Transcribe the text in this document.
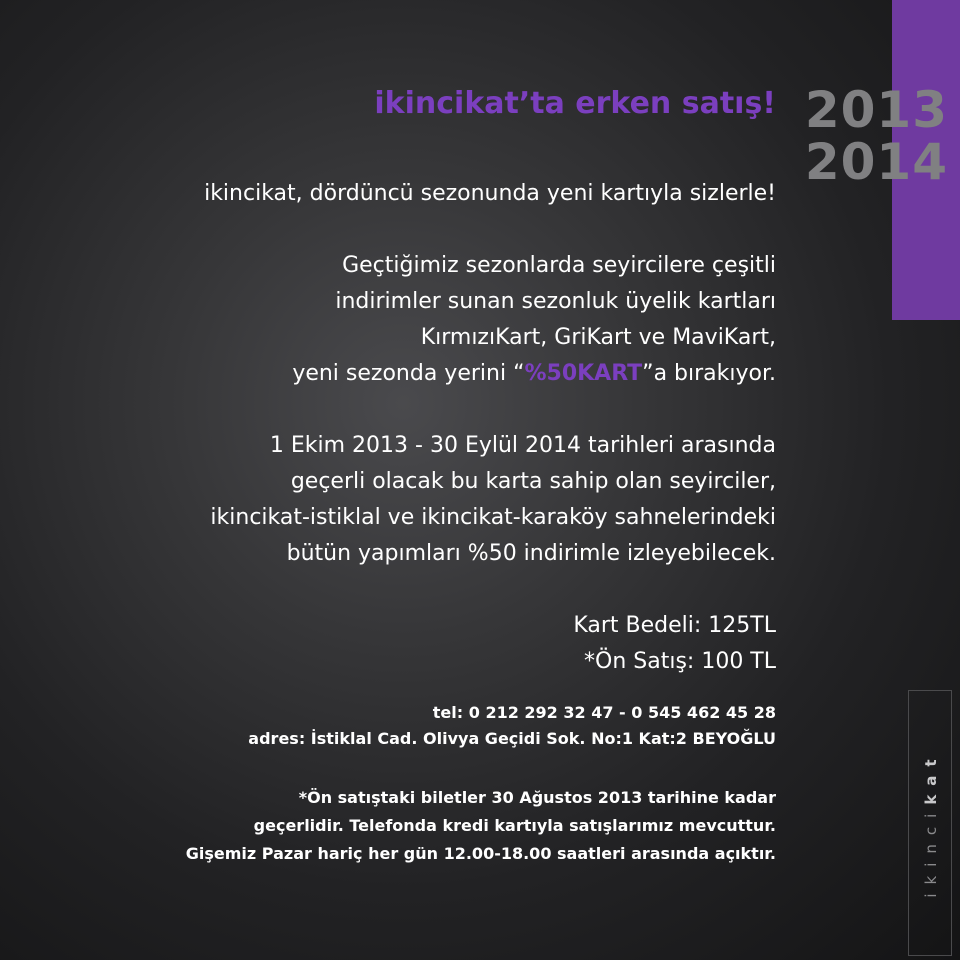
2013
2014
ikincikat’ta erken satış!
ikincikat, dördüncü sezonunda yeni kartıyla sizlerle!
Geçtiğimiz sezonlarda seyircilere çeşitli
indirimler sunan sezonluk üyelik kartları
KırmızıKart, GriKart ve MaviKart,
yeni sezonda yerini “%50KART”a bırakıyor.
1 Ekim 2013 - 30 Eylül 2014 tarihleri arasında
geçerli olacak bu karta sahip olan seyirciler,
ikincikat-istiklal ve ikincikat-karaköy sahnelerindeki
bütün yapımları %50 indirimle izleyebilecek.
Kart Bedeli: 125TL
*Ön Satış: 100 TL
tel: 0 212 292 32 47 - 0 545 462 45 28
adres: İstiklal Cad. Olivya Geçidi Sok. No:1 Kat:2 BEYOĞLU
*Ön satıştaki biletler 30 Ağustos 2013 tarihine kadar
geçerlidir. Telefonda kredi kartıyla satışlarımız mevcuttur.
Gişemiz Pazar hariç her gün 12.00-18.00 saatleri arasında açıktır.	ikincikat
